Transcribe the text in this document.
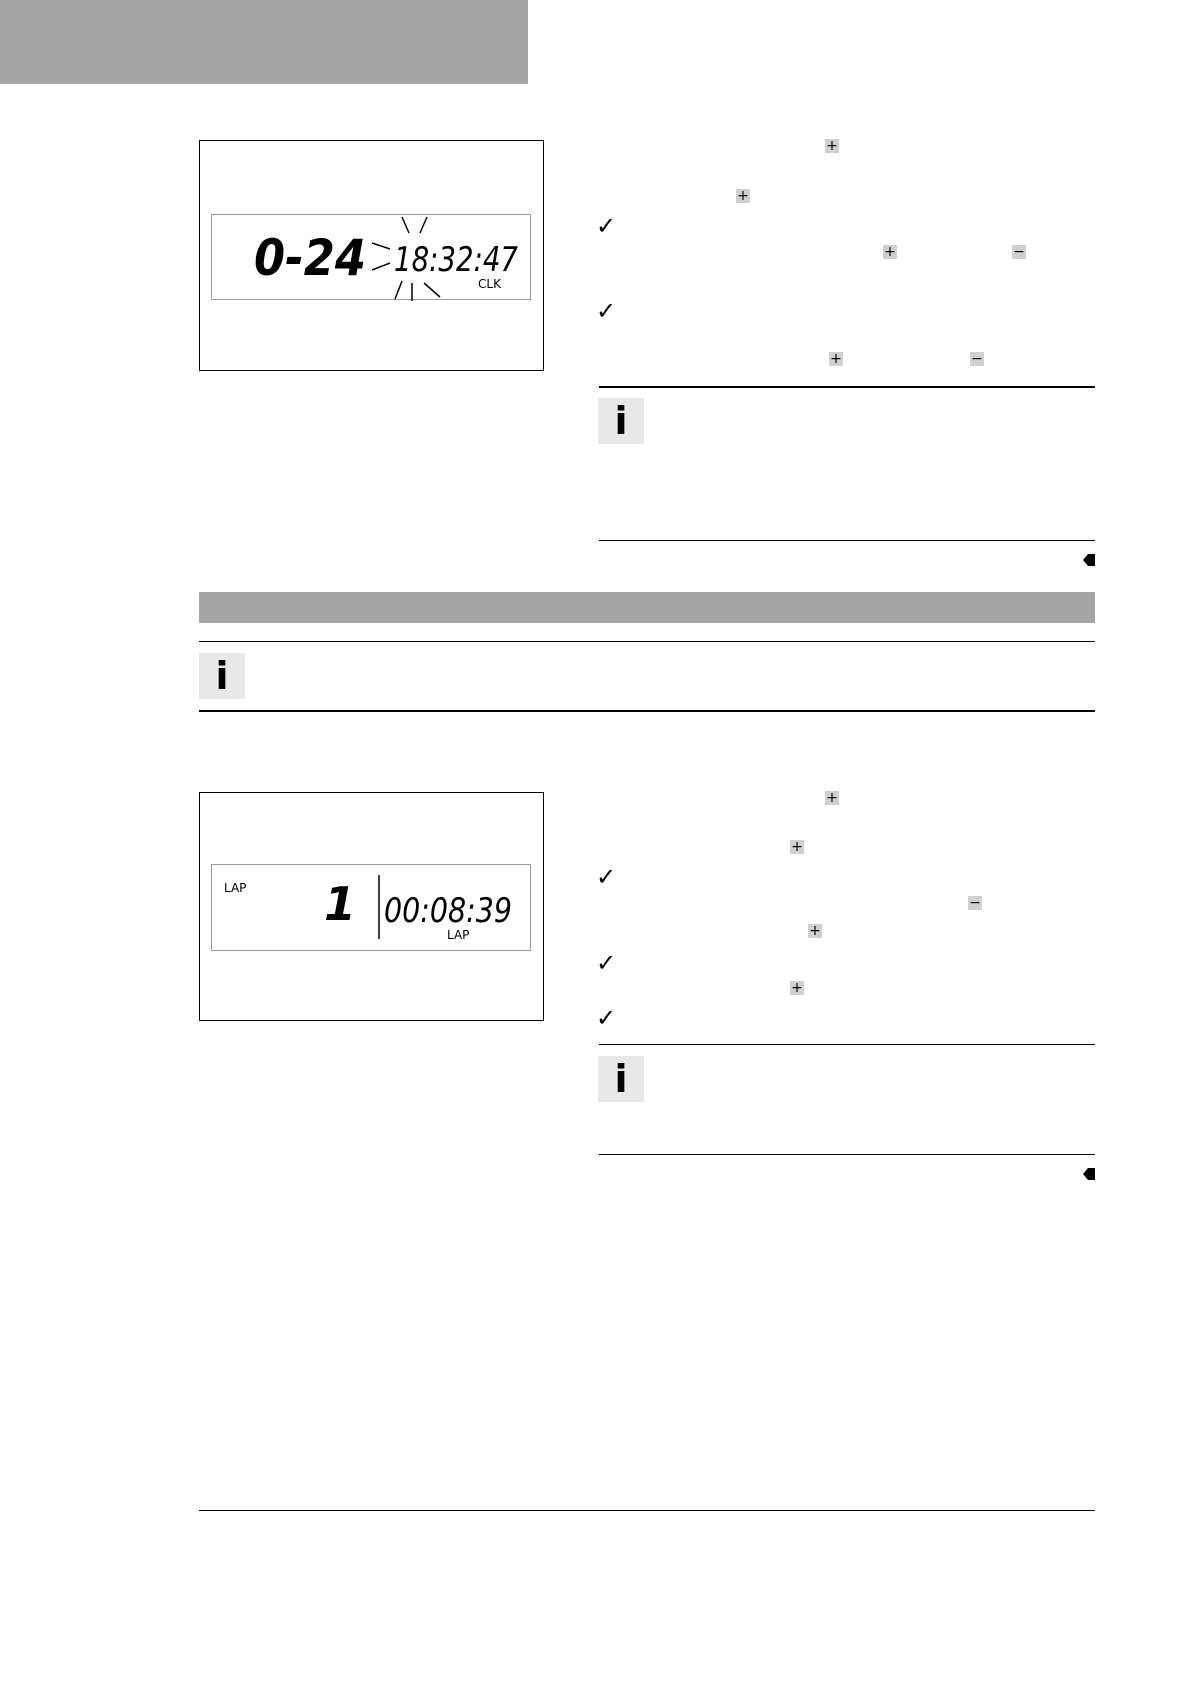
0-24 18:32:47
CLK
+
+
✓
+	−
✓
+	−
i
i
LAP 1 00:08:39
LAP
+
+
✓
−
+
✓
+
✓
i
